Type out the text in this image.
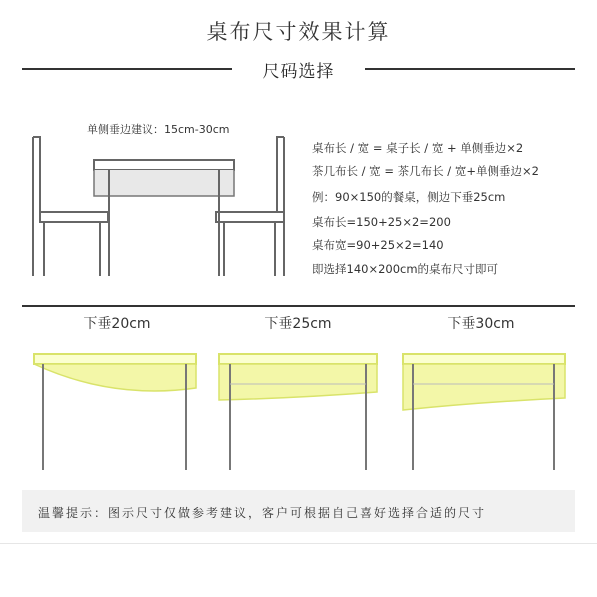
桌布尺寸效果计算
尺码选择
单侧垂边建议：15cm-30cm
桌布长 / 宽 = 桌子长 / 宽 + 单侧垂边×2
茶几布长 / 宽 = 茶几布长 / 宽+单侧垂边×2
例：90×150的餐桌，侧边下垂25cm
桌布长=150+25×2=200
桌布宽=90+25×2=140
即选择140×200cm的桌布尺寸即可
下垂20cm	下垂25cm	下垂30cm
温馨提示：图示尺寸仅做参考建议，客户可根据自己喜好选择合适的尺寸
